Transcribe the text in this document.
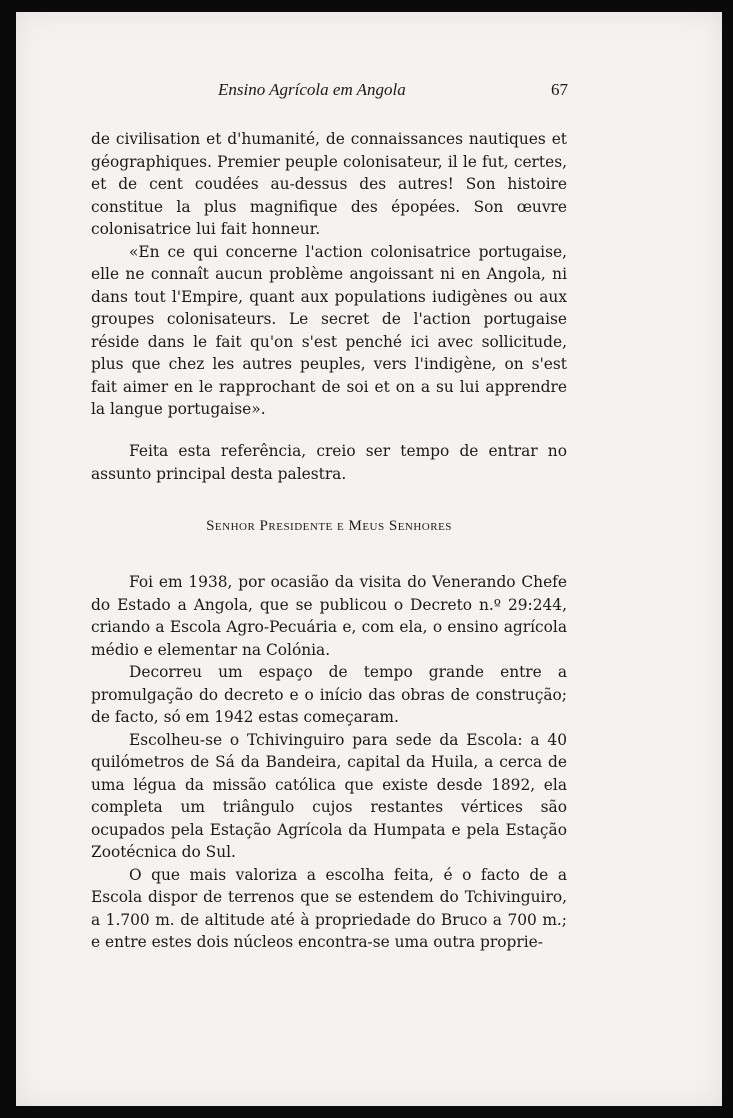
Ensino Agrícola em Angola	67

de civilisation et d'humanité, de connaissances nautiques et géographiques. Premier peuple colonisateur, il le fut, certes, et de cent coudées au-dessus des autres! Son histoire constitue la plus magnifique des épopées. Son œuvre colonisatrice lui fait honneur.

«En ce qui concerne l'action colonisatrice portugaise, elle ne connaît aucun problème angoissant ni en Angola, ni dans tout l'Empire, quant aux populations iudigènes ou aux groupes colonisateurs. Le secret de l'action portugaise réside dans le fait qu'on s'est penché ici avec sollicitude, plus que chez les autres peuples, vers l'indigène, on s'est fait aimer en le rapprochant de soi et on a su lui apprendre la langue portugaise».

Feita esta referência, creio ser tempo de entrar no assunto principal desta palestra.

Senhor Presidente e Meus Senhores

Foi em 1938, por ocasião da visita do Venerando Chefe do Estado a Angola, que se publicou o Decreto n.º 29:244, criando a Escola Agro-Pecuária e, com ela, o ensino agrícola médio e elementar na Colónia.

Decorreu um espaço de tempo grande entre a promulgação do decreto e o início das obras de construção; de facto, só em 1942 estas começaram.

Escolheu-se o Tchivinguiro para sede da Escola: a 40 quilómetros de Sá da Bandeira, capital da Huila, a cerca de uma légua da missão católica que existe desde 1892, ela completa um triângulo cujos restantes vértices são ocupados pela Estação Agrícola da Humpata e pela Estação Zootécnica do Sul.

O que mais valoriza a escolha feita, é o facto de a Escola dispor de terrenos que se estendem do Tchivinguiro, a 1.700 m. de altitude até à propriedade do Bruco a 700 m.; e entre estes dois núcleos encontra-se uma outra proprie-
